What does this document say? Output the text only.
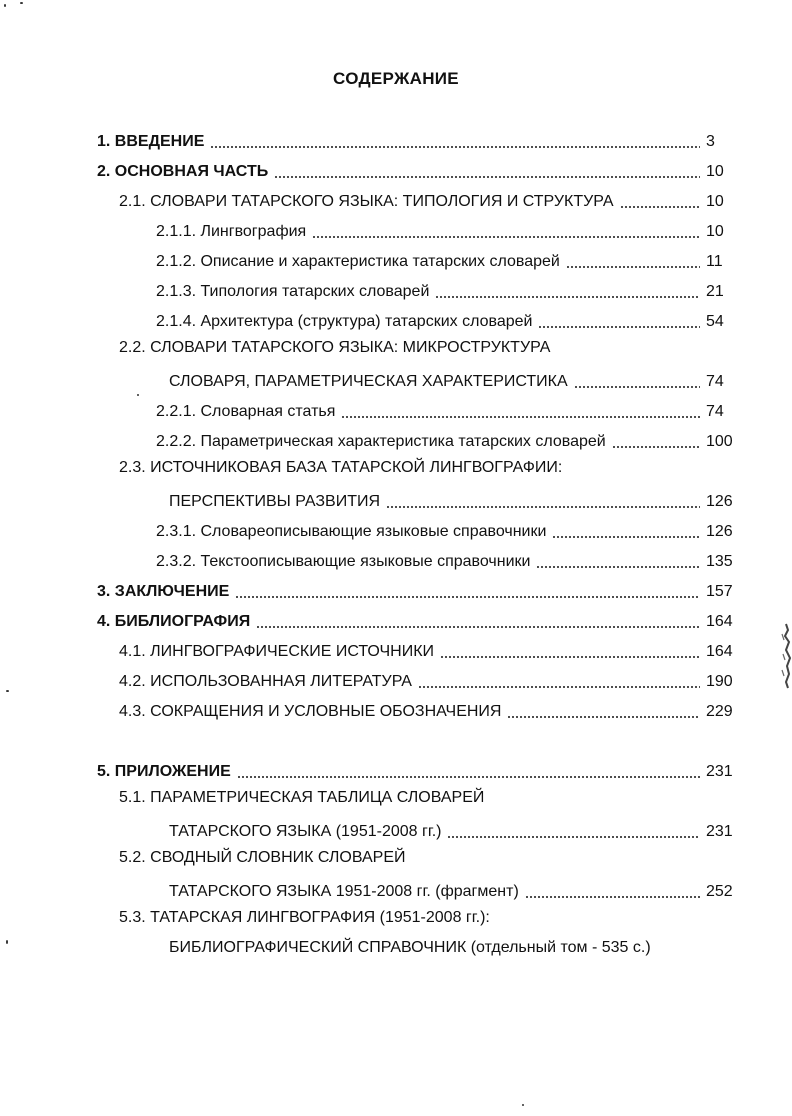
СОДЕРЖАНИЕ
1. ВВЕДЕНИЕ	3
2. ОСНОВНАЯ ЧАСТЬ	10
2.1. СЛОВАРИ ТАТАРСКОГО ЯЗЫКА: ТИПОЛОГИЯ И СТРУКТУРА	10
2.1.1. Лингвография	10
2.1.2. Описание и характеристика татарских словарей	11
2.1.3. Типология татарских словарей	21
2.1.4. Архитектура (структура) татарских словарей	54
2.2. СЛОВАРИ ТАТАРСКОГО ЯЗЫКА: МИКРОСТРУКТУРА
СЛОВАРЯ, ПАРАМЕТРИЧЕСКАЯ ХАРАКТЕРИСТИКА	74
2.2.1. Словарная статья	74
2.2.2. Параметрическая характеристика татарских словарей	100
2.3. ИСТОЧНИКОВАЯ БАЗА ТАТАРСКОЙ ЛИНГВОГРАФИИ:
ПЕРСПЕКТИВЫ РАЗВИТИЯ	126
2.3.1. Словареописывающие языковые справочники	126
2.3.2. Текстоописывающие языковые справочники	135
3. ЗАКЛЮЧЕНИЕ	157
4. БИБЛИОГРАФИЯ	164
4.1. ЛИНГВОГРАФИЧЕСКИЕ ИСТОЧНИКИ	164
4.2. ИСПОЛЬЗОВАННАЯ ЛИТЕРАТУРА	190
4.3. СОКРАЩЕНИЯ И УСЛОВНЫЕ ОБОЗНАЧЕНИЯ	229
5. ПРИЛОЖЕНИЕ	231
5.1. ПАРАМЕТРИЧЕСКАЯ ТАБЛИЦА СЛОВАРЕЙ
ТАТАРСКОГО ЯЗЫКА (1951-2008 гг.)	231
5.2. СВОДНЫЙ СЛОВНИК СЛОВАРЕЙ
ТАТАРСКОГО ЯЗЫКА 1951-2008 гг. (фрагмент)	252
5.3. ТАТАРСКАЯ ЛИНГВОГРАФИЯ (1951-2008 гг.):
БИБЛИОГРАФИЧЕСКИЙ СПРАВОЧНИК (отдельный том - 535 с.)
